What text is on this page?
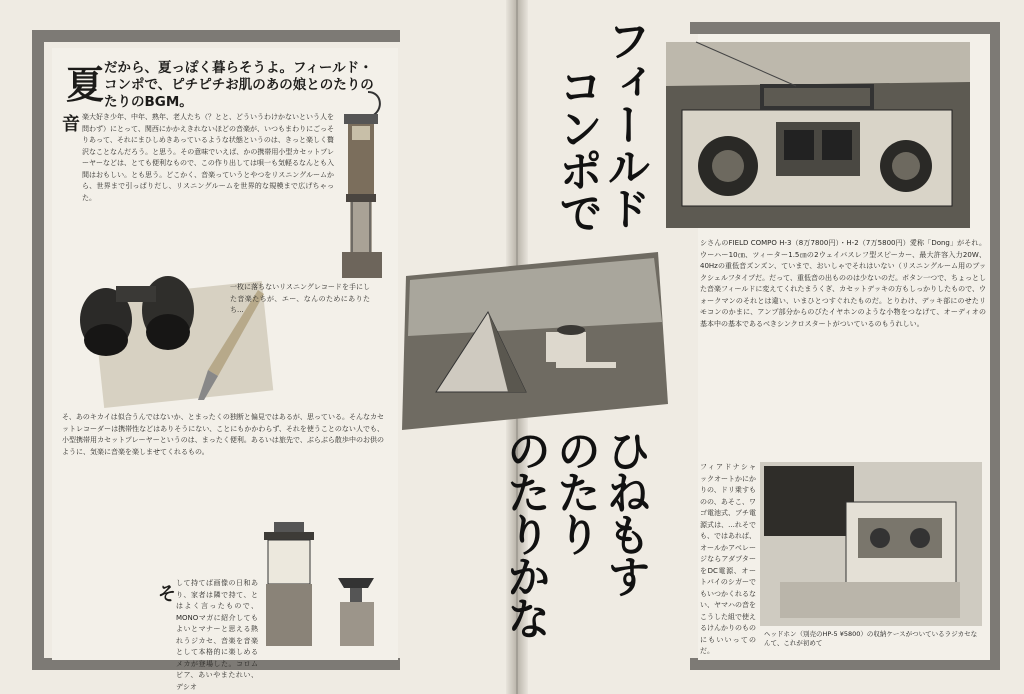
夏 だから、夏っぽく暮らそうよ。フィールド・コンポで、ピチピチお肌のあの娘とのたりのたりのBGM。
音 楽大好き少年、中年、熟年、老人たち（？とと、どういうわけかないという人を問わず）にとって、関西にかかえきれないほどの音楽が、いつもまわりにごっそりあって、それにまひしめきあっているような状態というのは、きっと楽しく贅沢なことなんだろう。と思う。その意味でいえば、かの携帯用小型カセットプレーヤーなどは、とても便利なもので、この作り出しては唄一も気軽るなんとも入間はおもしい。とも思う。どこかく、音楽っていうとやつをリスニングルームから、世界まで引っぱりだし、リスニングルームを世界的な規模まで広げちゃった。
一枚に落ちないリスニングレコードを手にした音楽たちが、エー、なんのためにありたち...
そ、あのキカイは似合うんではないか、とまったくの独断と偏見ではあるが、思っている。そんなカセットレコーダーは携帯性などはありそうにない、ことにもかかわらず、それを使うことのない人でも、小型携帯用カセットプレーヤーというのは、まったく便利。あるいは旅先で、ぶらぶら散歩中のお供のように、気楽に音楽を楽しませてくれるもの。
そ
して持てば画像の日和あり、家者は隣で持て、とはよく言ったもので、MONOマガに紹介してもよいとマナーと思える熱れうジカセ、音楽を音楽として本格的に楽しめるメカが登場した。コロムビア、あいやまたれい、デシオ
フィールド
コンポで
ひねもす
のたり
のたりかな
シさんのFIELD COMPO H-3（8万7800円）・H-2（7万5800円）愛称「Dong」がそれ。ウーハー10㎝、ツィーター1.5㎝の2ウェイバスレフ型スピーカー、最大許容入力20W、40Hzの重低音ズンズン、ていまで、おいしゃでそれはいない（リスニングルーム用のブックシェルフタイプだ。だって、重低音の出もののは少ないのだ。ボタン一つで、ちょっとした音楽フィールドに変えてくれたまうくぎ、カセットデッキの方もしっかりしたもので、ウォークマンのそれとは違い、いまひとつすぐれたものだ。とりわけ、デッキ部にのせたリモコンのかまに、アンプ部分からのびたイヤホンのような小物をつなげて、オーディオの基本中の基本であるべきシンクロスタートがついているのもうれしい。
フィアドナシャ ックオートかにかりの、ドリ乗すものの、あそこ、ワゴ電池式、ブチ電源式は、...れそでも、ではあれば、オールかアベレージならアダプターをDC電源、オートバイのシガーでもいつかくれるない、ヤマハの音をこうした組で使えるけんかりのものにもいいってのだ。
ヘッドホン（別売のHP-5 ¥5800）の収納ケースがついているラジカセなんて、これが初めて
